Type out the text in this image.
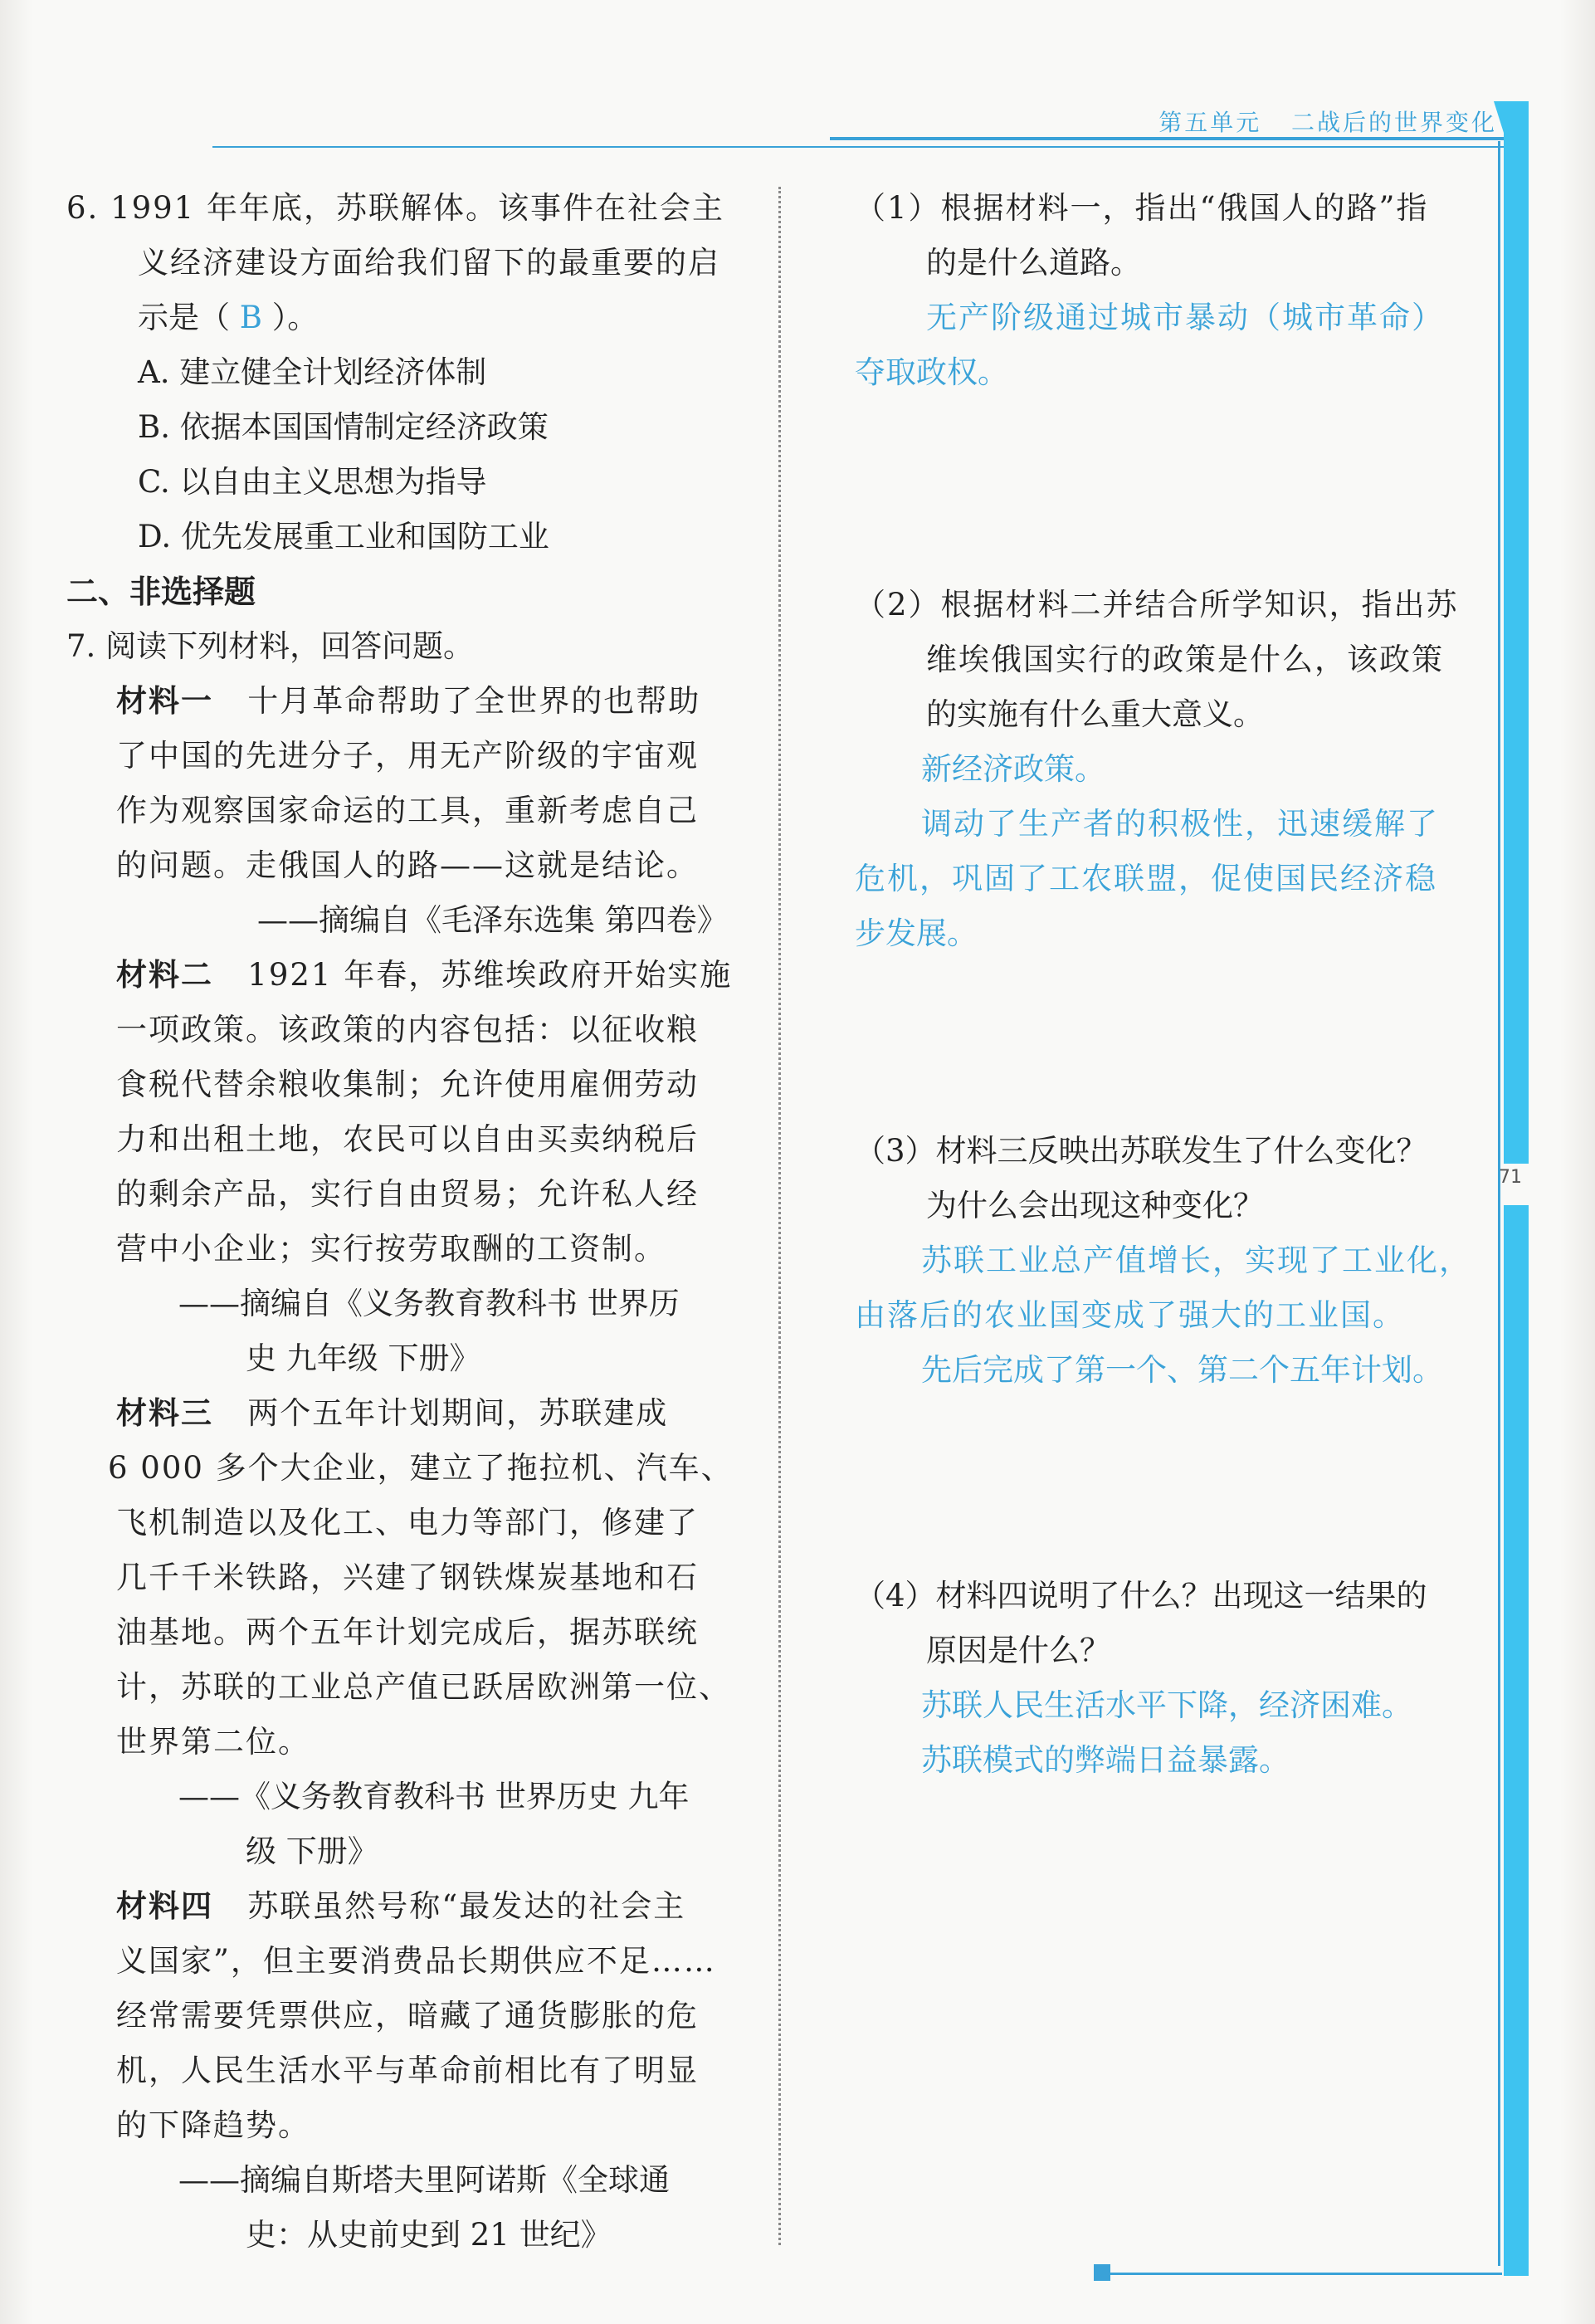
第五单元 二战后的世界变化
71
6. 1991 年年底，苏联解体。该事件在社会主
义经济建设方面给我们留下的最重要的启
示是（ B ）。
A. 建立健全计划经济体制
B. 依据本国国情制定经济政策
C. 以自由主义思想为指导
D. 优先发展重工业和国防工业
二、非选择题
7. 阅读下列材料，回答问题。
材料一 十月革命帮助了全世界的也帮助
了中国的先进分子，用无产阶级的宇宙观
作为观察国家命运的工具，重新考虑自己
的问题。走俄国人的路——这就是结论。
——摘编自《毛泽东选集 第四卷》
材料二 1921 年春，苏维埃政府开始实施
一项政策。该政策的内容包括：以征收粮
食税代替余粮收集制；允许使用雇佣劳动
力和出租土地，农民可以自由买卖纳税后
的剩余产品，实行自由贸易；允许私人经
营中小企业；实行按劳取酬的工资制。
——摘编自《义务教育教科书 世界历
史 九年级 下册》
材料三 两个五年计划期间，苏联建成
6 000 多个大企业，建立了拖拉机、汽车、
飞机制造以及化工、电力等部门，修建了
几千千米铁路，兴建了钢铁煤炭基地和石
油基地。两个五年计划完成后，据苏联统
计，苏联的工业总产值已跃居欧洲第一位、
世界第二位。
——《义务教育教科书 世界历史 九年
级 下册》
材料四 苏联虽然号称“最发达的社会主
义国家”，但主要消费品长期供应不足……
经常需要凭票供应，暗藏了通货膨胀的危
机，人民生活水平与革命前相比有了明显
的下降趋势。
——摘编自斯塔夫里阿诺斯《全球通
史：从史前史到 21 世纪》
（1）根据材料一，指出“俄国人的路”指
的是什么道路。
无产阶级通过城市暴动（城市革命）
夺取政权。
（2）根据材料二并结合所学知识，指出苏
维埃俄国实行的政策是什么，该政策
的实施有什么重大意义。
新经济政策。
调动了生产者的积极性，迅速缓解了
危机，巩固了工农联盟，促使国民经济稳
步发展。
（3）材料三反映出苏联发生了什么变化？
为什么会出现这种变化？
苏联工业总产值增长，实现了工业化，
由落后的农业国变成了强大的工业国。
先后完成了第一个、第二个五年计划。
（4）材料四说明了什么？出现这一结果的
原因是什么？
苏联人民生活水平下降，经济困难。
苏联模式的弊端日益暴露。
